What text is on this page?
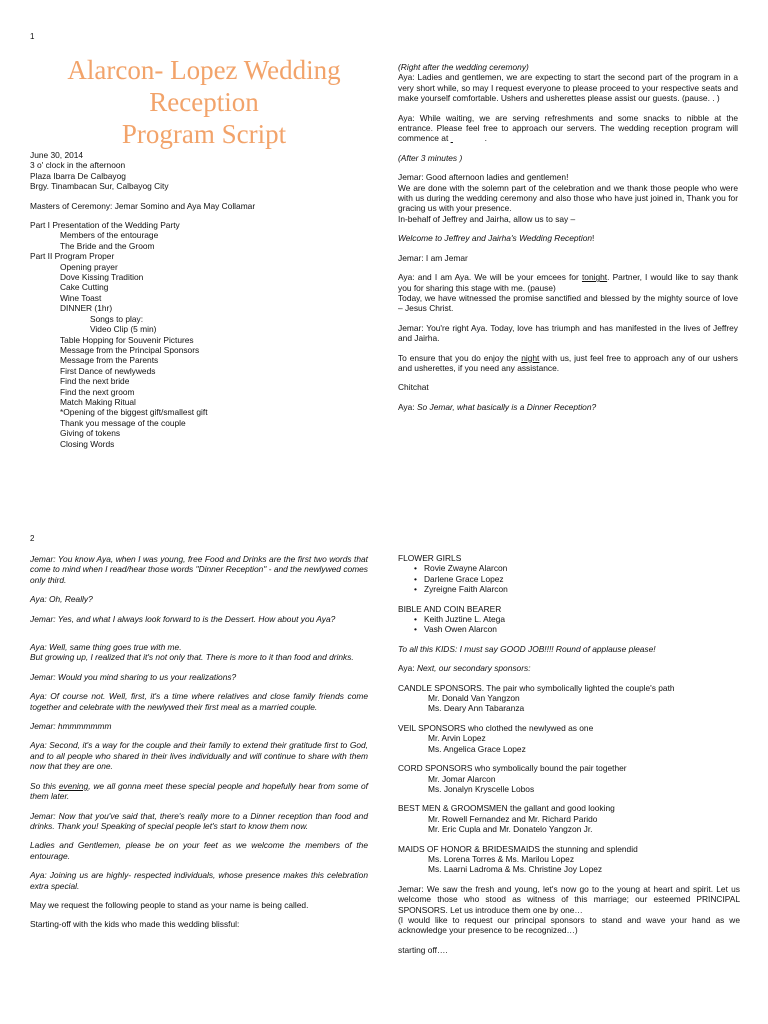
1
Alarcon- Lopez Wedding
Reception
Program Script
June 30, 2014
3 o' clock in the afternoon
Plaza Ibarra De Calbayog
Brgy. Tinambacan Sur, Calbayog City
Masters of Ceremony: Jemar Somino and Aya May Collamar
Part I Presentation of the Wedding Party
Members of the entourage
The Bride and the Groom
Part II Program Proper
Opening prayer
Dove Kissing Tradition
Cake Cutting
Wine Toast
DINNER (1hr)
Songs to play:
Video Clip (5 min)
Table Hopping for Souvenir Pictures
Message from the Principal Sponsors
Message from the Parents
First Dance of newlyweds
Find the next bride
Find the next groom
Match Making Ritual
*Opening of the biggest gift/smallest gift
Thank you message of the couple
Giving of tokens
Closing Words

(Right after the wedding ceremony)

Aya: Ladies and gentlemen, we are expecting to start the second part of the program in a very short while, so may I request everyone to please proceed to your respective seats and make yourself comfortable. Ushers and usherettes please assist our guests. (pause. . )

Aya: While waiting, we are serving refreshments and some snacks to nibble at the entrance. Please feel free to approach our servers. The wedding reception program will commence at	.

(After 3 minutes )

Jemar: Good afternoon ladies and gentlemen!

We are done with the solemn part of the celebration and we thank those people who were with us during the wedding ceremony and also those who have just joined in, Thank you for gracing us with your presence.

In-behalf of Jeffrey and Jairha, allow us to say –

Welcome to Jeffrey and Jairha's Wedding Reception!

Jemar: I am Jemar

Aya: and I am Aya. We will be your emcees for tonight. Partner, I would like to say thank you for sharing this stage with me. (pause)

Today, we have witnessed the promise sanctified and blessed by the mighty source of love – Jesus Christ.

Jemar: You're right Aya. Today, love has triumph and has manifested in the lives of Jeffrey and Jairha.

To ensure that you do enjoy the night with us, just feel free to approach any of our ushers and usherettes, if you need any assistance.

Chitchat

Aya: So Jemar, what basically is a Dinner Reception?

2

Jemar: You know Aya, when I was young, free Food and Drinks are the first two words that come to mind when I read/hear those words "Dinner Reception" - and the newlywed comes only third.

Aya: Oh, Really?

Jemar: Yes, and what I always look forward to is the Dessert. How about you Aya?

Aya: Well, same thing goes true with me.

But growing up, I realized that it's not only that. There is more to it than food and drinks.

Jemar: Would you mind sharing to us your realizations?

Aya: Of course not. Well, first, it's a time where relatives and close family friends come together and celebrate with the newlywed their first meal as a married couple.

Jemar: hmmmmmmm

Aya: Second, it's a way for the couple and their family to extend their gratitude first to God, and to all people who shared in their lives individually and will continue to share with them now that they are one.

So this evening, we all gonna meet these special people and hopefully hear from some of them later.

Jemar: Now that you've said that, there's really more to a Dinner reception than food and drinks. Thank you! Speaking of special people let's start to know them now.

Ladies and Gentlemen, please be on your feet as we welcome the members of the entourage.

Aya: Joining us are highly- respected individuals, whose presence makes this celebration extra special.

May we request the following people to stand as your name is being called.

Starting-off with the kids who made this wedding blissful:

FLOWER GIRLS

• Rovie Zwayne Alarcon
• Darlene Grace Lopez
• Zyreigne Faith Alarcon

BIBLE AND COIN BEARER

• Keith Juztine L. Atega
• Vash Owen Alarcon

To all this KIDS: I must say GOOD JOB!!!! Round of applause please!

Aya: Next, our secondary sponsors:

CANDLE SPONSORS. The pair who symbolically lighted the couple's path

Mr. Donald Van Yangzon
Ms. Deary Ann Tabaranza

VEIL SPONSORS who clothed the newlywed as one

Mr. Arvin Lopez
Ms. Angelica Grace Lopez

CORD SPONSORS who symbolically bound the pair together

Mr. Jomar Alarcon
Ms. Jonalyn Kryscelle Lobos

BEST MEN & GROOMSMEN the gallant and good looking

Mr. Rowell Fernandez and Mr. Richard Parido
Mr. Eric Cupla and Mr. Donatelo Yangzon Jr.

MAIDS OF HONOR & BRIDESMAIDS the stunning and splendid

Ms. Lorena Torres & Ms. Marilou Lopez
Ms. Laarni Ladroma & Ms. Christine Joy Lopez

Jemar: We saw the fresh and young, let's now go to the young at heart and spirit. Let us welcome those who stood as witness of this marriage; our esteemed PRINCIPAL SPONSORS. Let us introduce them one by one…

(I would like to request our principal sponsors to stand and wave your hand as we acknowledge your presence to be recognized…)

starting off….
